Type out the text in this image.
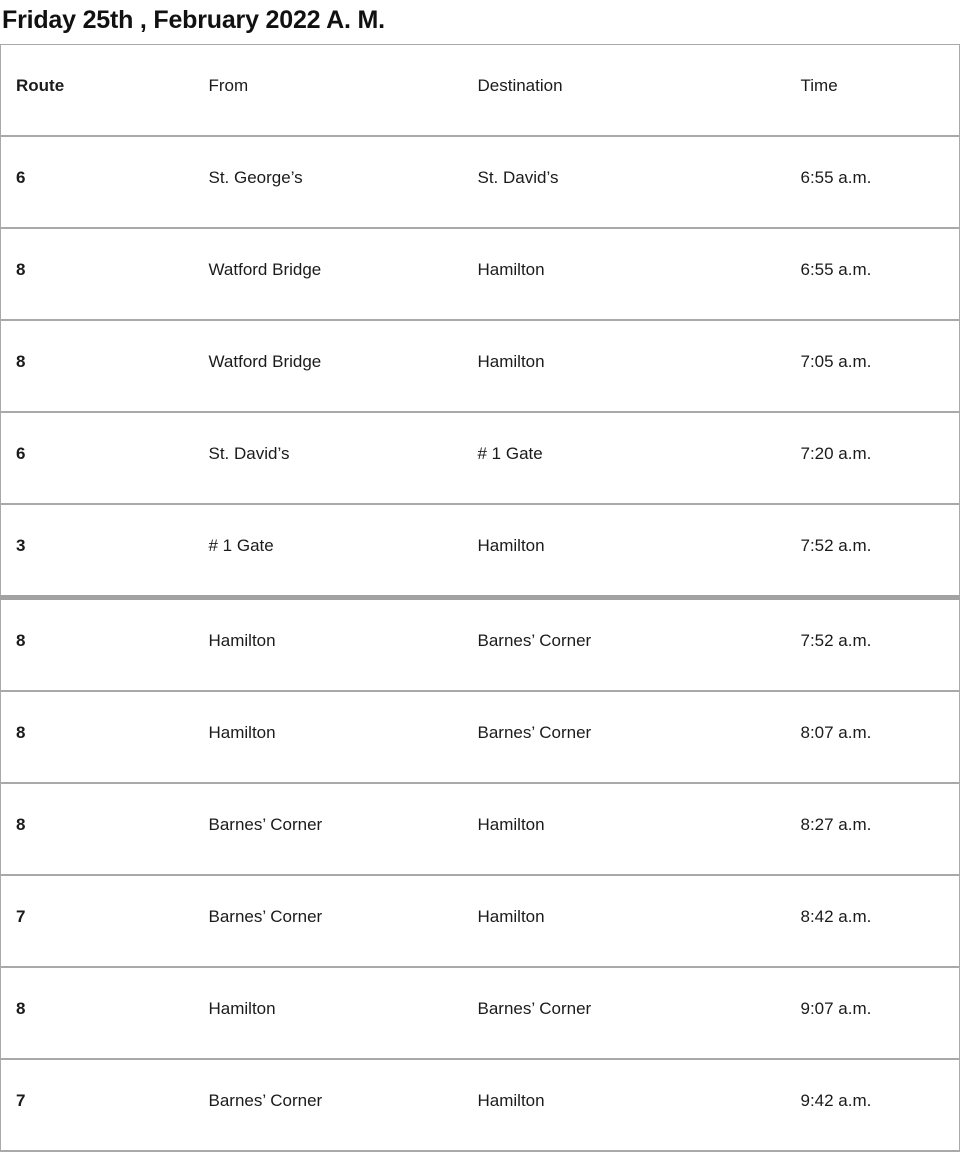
Friday 25th , February 2022 A. M.
Route	From	Destination	Time
6	St. George’s	St. David’s	6:55 a.m.
8	Watford Bridge	Hamilton	6:55 a.m.
8	Watford Bridge	Hamilton	7:05 a.m.
6	St. David’s	# 1 Gate	7:20 a.m.
3	# 1 Gate	Hamilton	7:52 a.m.
8	Hamilton	Barnes’ Corner	7:52 a.m.
8	Hamilton	Barnes’ Corner	8:07 a.m.
8	Barnes’ Corner	Hamilton	8:27 a.m.
7	Barnes’ Corner	Hamilton	8:42 a.m.
8	Hamilton	Barnes’ Corner	9:07 a.m.
7	Barnes’ Corner	Hamilton	9:42 a.m.
